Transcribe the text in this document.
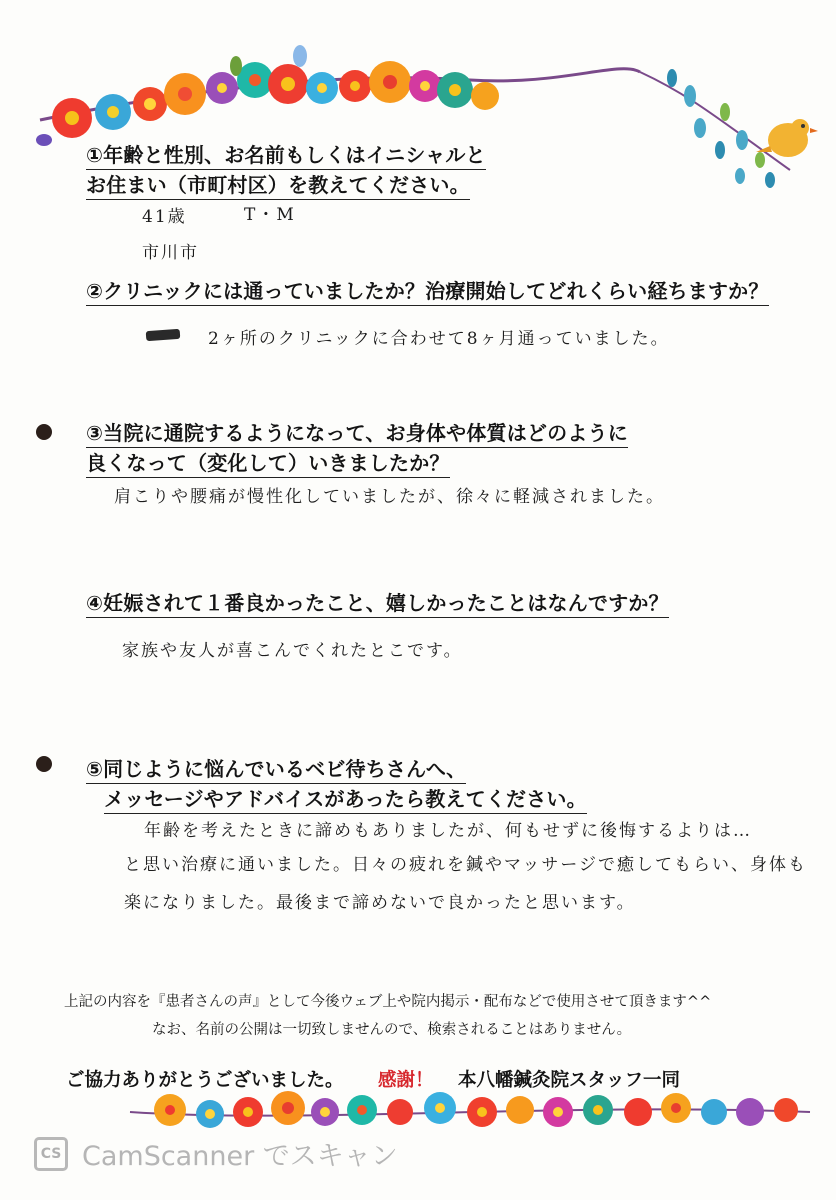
①年齢と性別、お名前もしくはイニシャルと
お住まい（市町村区）を教えてください。
41歳	T・M
市川市
②クリニックには通っていましたか？治療開始してどれくらい経ちますか？
2ヶ所のクリニックに合わせて8ヶ月通っていました。
③当院に通院するようになって、お身体や体質はどのように
良くなって（変化して）いきましたか？
肩こりや腰痛が慢性化していましたが、徐々に軽減されました。
④妊娠されて１番良かったこと、嬉しかったことはなんですか？
家族や友人が喜こんでくれたとこです。
⑤同じように悩んでいるベビ待ちさんへ、
メッセージやアドバイスがあったら教えてください。
年齢を考えたときに諦めもありましたが、何もせずに後悔するよりは…
と思い治療に通いました。日々の疲れを鍼やマッサージで癒してもらい、身体も
楽になりました。最後まで諦めないで良かったと思います。
上記の内容を『患者さんの声』として今後ウェブ上や院内掲示・配布などで使用させて頂きます^^
なお、名前の公開は一切致しませんので、検索されることはありません。
ご協力ありがとうございました。 感謝！ 本八幡鍼灸院スタッフ一同
CS CamScanner でスキャン
